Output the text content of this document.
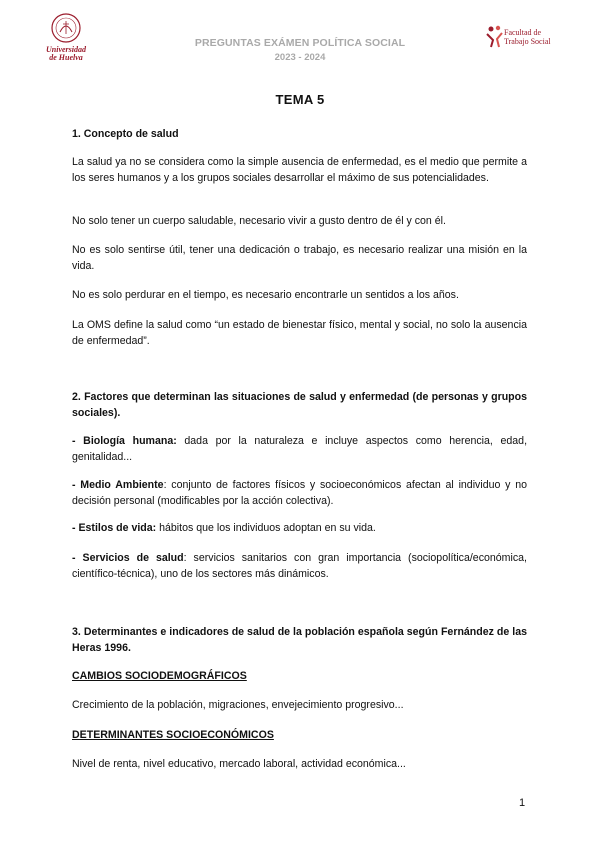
Universidad
de Huelva
PREGUNTAS EXÁMEN POLÍTICA SOCIAL
2023 - 2024
Facultad de
Trabajo Social
TEMA 5
1. Concepto de salud
La salud ya no se considera como la simple ausencia de enfermedad, es el medio que permite a los seres humanos y a los grupos sociales desarrollar el máximo de sus potencialidades.
No solo tener un cuerpo saludable, necesario vivir a gusto dentro de él y con él.
No es solo sentirse útil, tener una dedicación o trabajo, es necesario realizar una misión en la vida.
No es solo perdurar en el tiempo, es necesario encontrarle un sentidos a los años.
La OMS define la salud como “un estado de bienestar físico, mental y social, no solo la ausencia de enfermedad”.
2. Factores que determinan las situaciones de salud y enfermedad (de personas y grupos sociales).
- Biología humana: dada por la naturaleza e incluye aspectos como herencia, edad, genitalidad...
- Medio Ambiente: conjunto de factores físicos y socioeconómicos afectan al individuo y no decisión personal (modificables por la acción colectiva).
- Estilos de vida: hábitos que los individuos adoptan en su vida.
- Servicios de salud: servicios sanitarios con gran importancia (sociopolítica/económica, científico-técnica), uno de los sectores más dinámicos.
3. Determinantes e indicadores de salud de la población española según Fernández de las Heras 1996.
CAMBIOS SOCIODEMOGRÁFICOS
Crecimiento de la población, migraciones, envejecimiento progresivo...
DETERMINANTES SOCIOECONÓMICOS
Nivel de renta, nivel educativo, mercado laboral, actividad económica...
1
